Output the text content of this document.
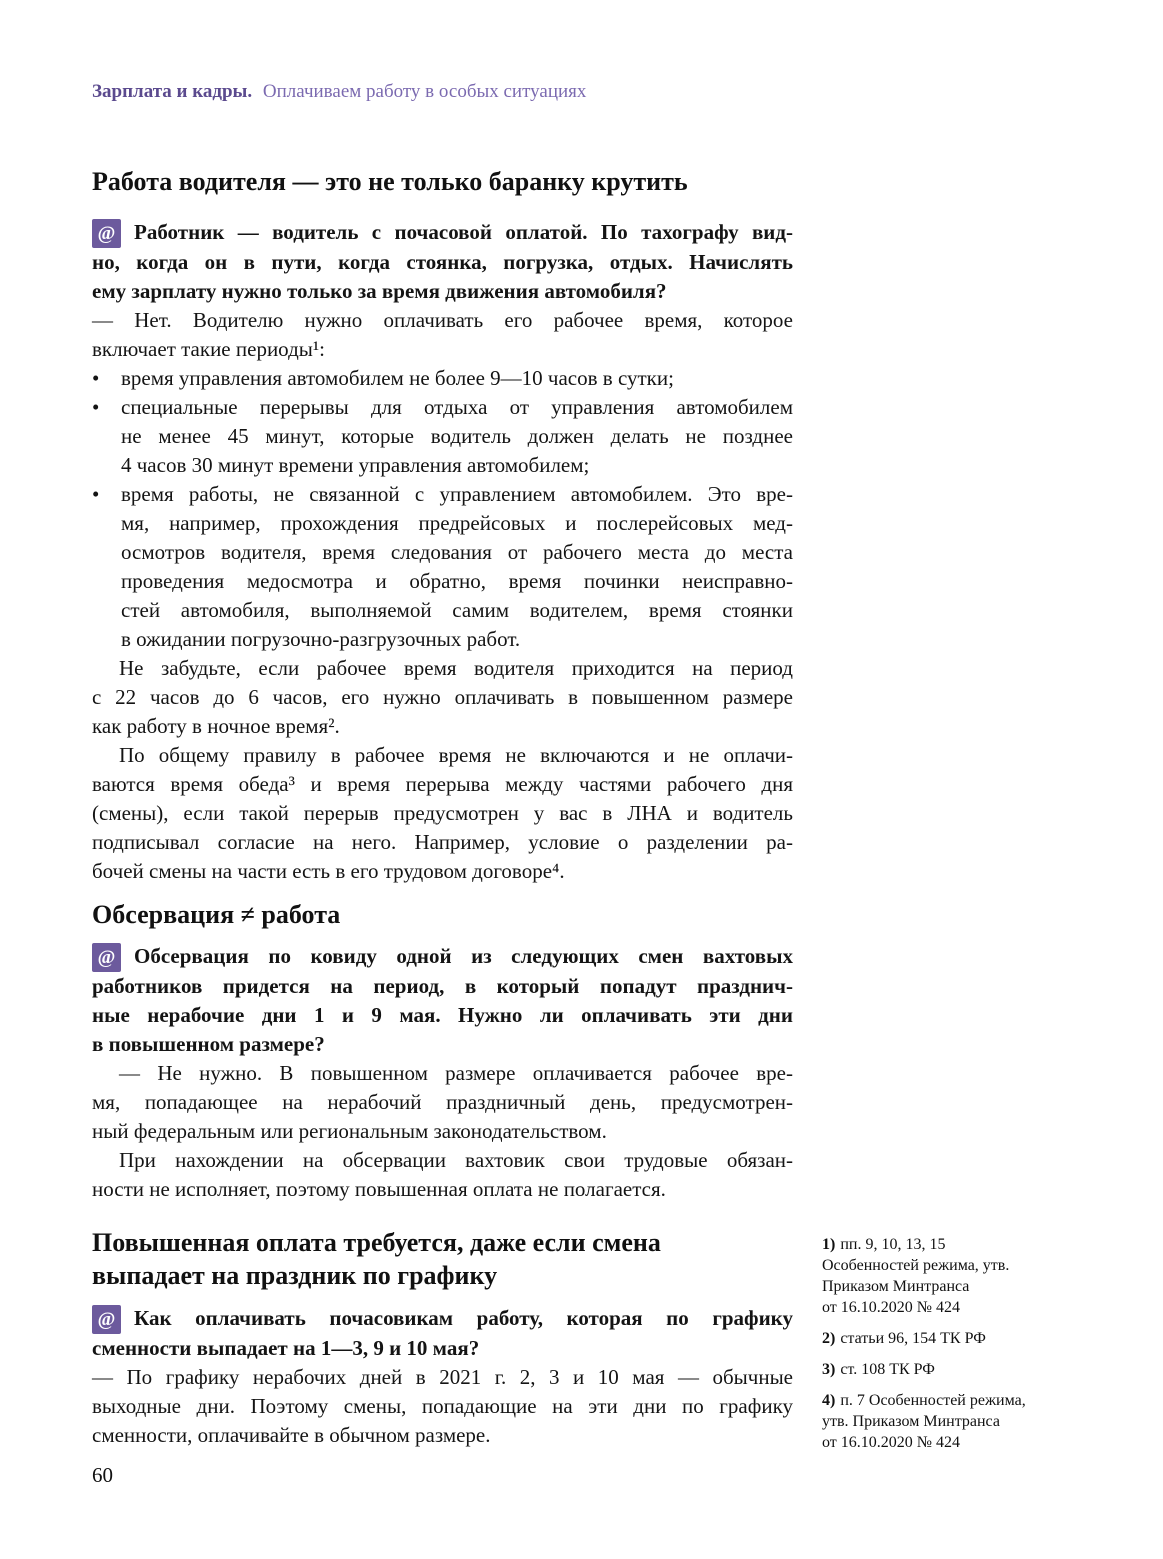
Зарплата и кадры. Оплачиваем работу в особых ситуациях
Работа водителя — это не только баранку крутить
@ Работник — водитель с почасовой оплатой. По тахографу вид-
но, когда он в пути, когда стоянка, погрузка, отдых. Начислять
ему зарплату нужно только за время движения автомобиля?
— Нет. Водителю нужно оплачивать его рабочее время, которое
включает такие периоды¹:
•	время управления автомобилем не более 9—10 часов в сутки;
•	специальные перерывы для отдыха от управления автомобилем
не менее 45 минут, которые водитель должен делать не позднее
4 часов 30 минут времени управления автомобилем;
•	время работы, не связанной с управлением автомобилем. Это вре-
мя, например, прохождения предрейсовых и послерейсовых мед-
осмотров водителя, время следования от рабочего места до места
проведения медосмотра и обратно, время починки неисправно-
стей автомобиля, выполняемой самим водителем, время стоянки
в ожидании погрузочно-разгрузочных работ.
Не забудьте, если рабочее время водителя приходится на период
с 22 часов до 6 часов, его нужно оплачивать в повышенном размере
как работу в ночное время².
По общему правилу в рабочее время не включаются и не оплачи-
ваются время обеда³ и время перерыва между частями рабочего дня
(смены), если такой перерыв предусмотрен у вас в ЛНА и водитель
подписывал согласие на него. Например, условие о разделении ра-
бочей смены на части есть в его трудовом договоре⁴.
Обсервация ≠ работа
@ Обсервация по ковиду одной из следующих смен вахтовых
работников придется на период, в который попадут празднич-
ные нерабочие дни 1 и 9 мая. Нужно ли оплачивать эти дни
в повышенном размере?
— Не нужно. В повышенном размере оплачивается рабочее вре-
мя, попадающее на нерабочий праздничный день, предусмотрен-
ный федеральным или региональным законодательством.
При нахождении на обсервации вахтовик свои трудовые обязан-
ности не исполняет, поэтому повышенная оплата не полагается.
Повышенная оплата требуется, даже если смена
выпадает на праздник по графику
@ Как оплачивать почасовикам работу, которая по графику
сменности выпадает на 1—3, 9 и 10 мая?
— По графику нерабочих дней в 2021 г. 2, 3 и 10 мая — обычные
выходные дни. Поэтому смены, попадающие на эти дни по графику
сменности, оплачивайте в обычном размере.
1) пп. 9, 10, 13, 15
Особенностей режима, утв.
Приказом Минтранса
от 16.10.2020 № 424
2) статьи 96, 154 ТК РФ
3) ст. 108 ТК РФ
4) п. 7 Особенностей режима,
утв. Приказом Минтранса
от 16.10.2020 № 424
60
